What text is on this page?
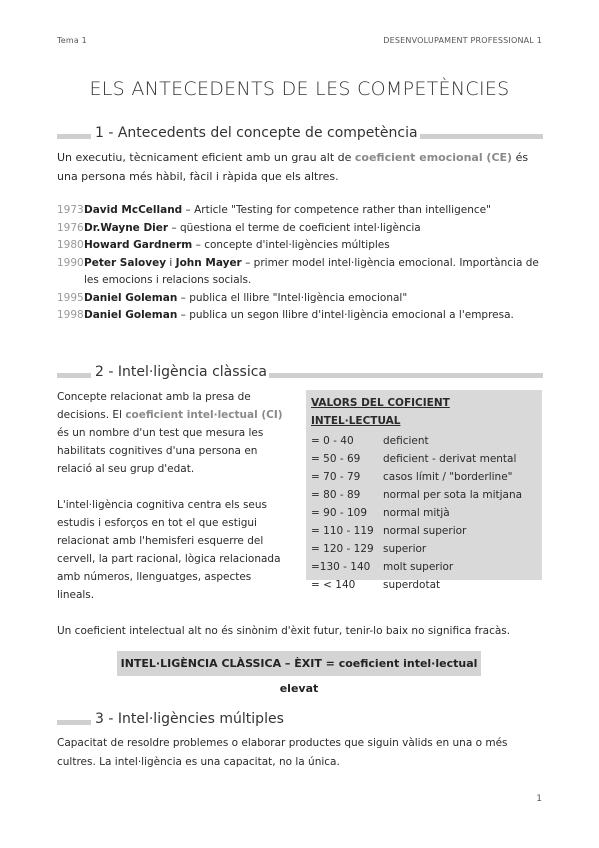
Tema 1	DESENVOLUPAMENT PROFESSIONAL 1
ELS ANTECEDENTS DE LES COMPETÈNCIES
1 - Antecedents del concepte de competència
Un executiu, tècnicament eficient amb un grau alt de coeficient emocional (CE) és una persona més hàbil, fàcil i ràpida que els altres.
1973 David McCelland – Article "Testing for competence rather than intelligence"
1976 Dr.Wayne Dier – qüestiona el terme de coeficient intel·ligència
1980 Howard Gardnerm – concepte d'intel·ligències múltiples
1990 Peter Salovey i John Mayer – primer model intel·ligència emocional. Importància de les emocions i relacions socials.
1995 Daniel Goleman – publica el llibre "Intel·ligència emocional"
1998 Daniel Goleman – publica un segon llibre d'intel·ligència emocional a l'empresa.
2 - Intel·ligència clàssica

Concepte relacionat amb la presa de decisions. El coeficient intel·lectual (CI) és un nombre d'un test que mesura les habilitats cognitives d'una persona en relació al seu grup d'edat.

L'intel·ligència cognitiva centra els seus estudis i esforços en tot el que estigui relacionat amb l'hemisferi esquerre del cervell, la part racional, lògica relacionada amb números, llenguatges, aspectes lineals.

VALORS DEL COFICIENT INTEL·LECTUAL
= 0 - 40	deficient
= 50 - 69	deficient - derivat mental
= 70 - 79	casos límit / "borderline"
= 80 - 89	normal per sota la mitjana
= 90 - 109	normal mitjà
= 110 - 119 normal superior
= 120 - 129 superior
=130 - 140	molt superior
= < 140	superdotat
Un coeficient intelectual alt no és sinònim d'èxit futur, tenir-lo baix no significa fracàs.
INTEL·LIGÈNCIA CLÀSSICA – ÈXIT = coeficient intel·lectual elevat
3 - Intel·ligències múltiples
Capacitat de resoldre problemes o elaborar productes que siguin vàlids en una o més cultres. La intel·ligència es una capacitat, no la única.
1
